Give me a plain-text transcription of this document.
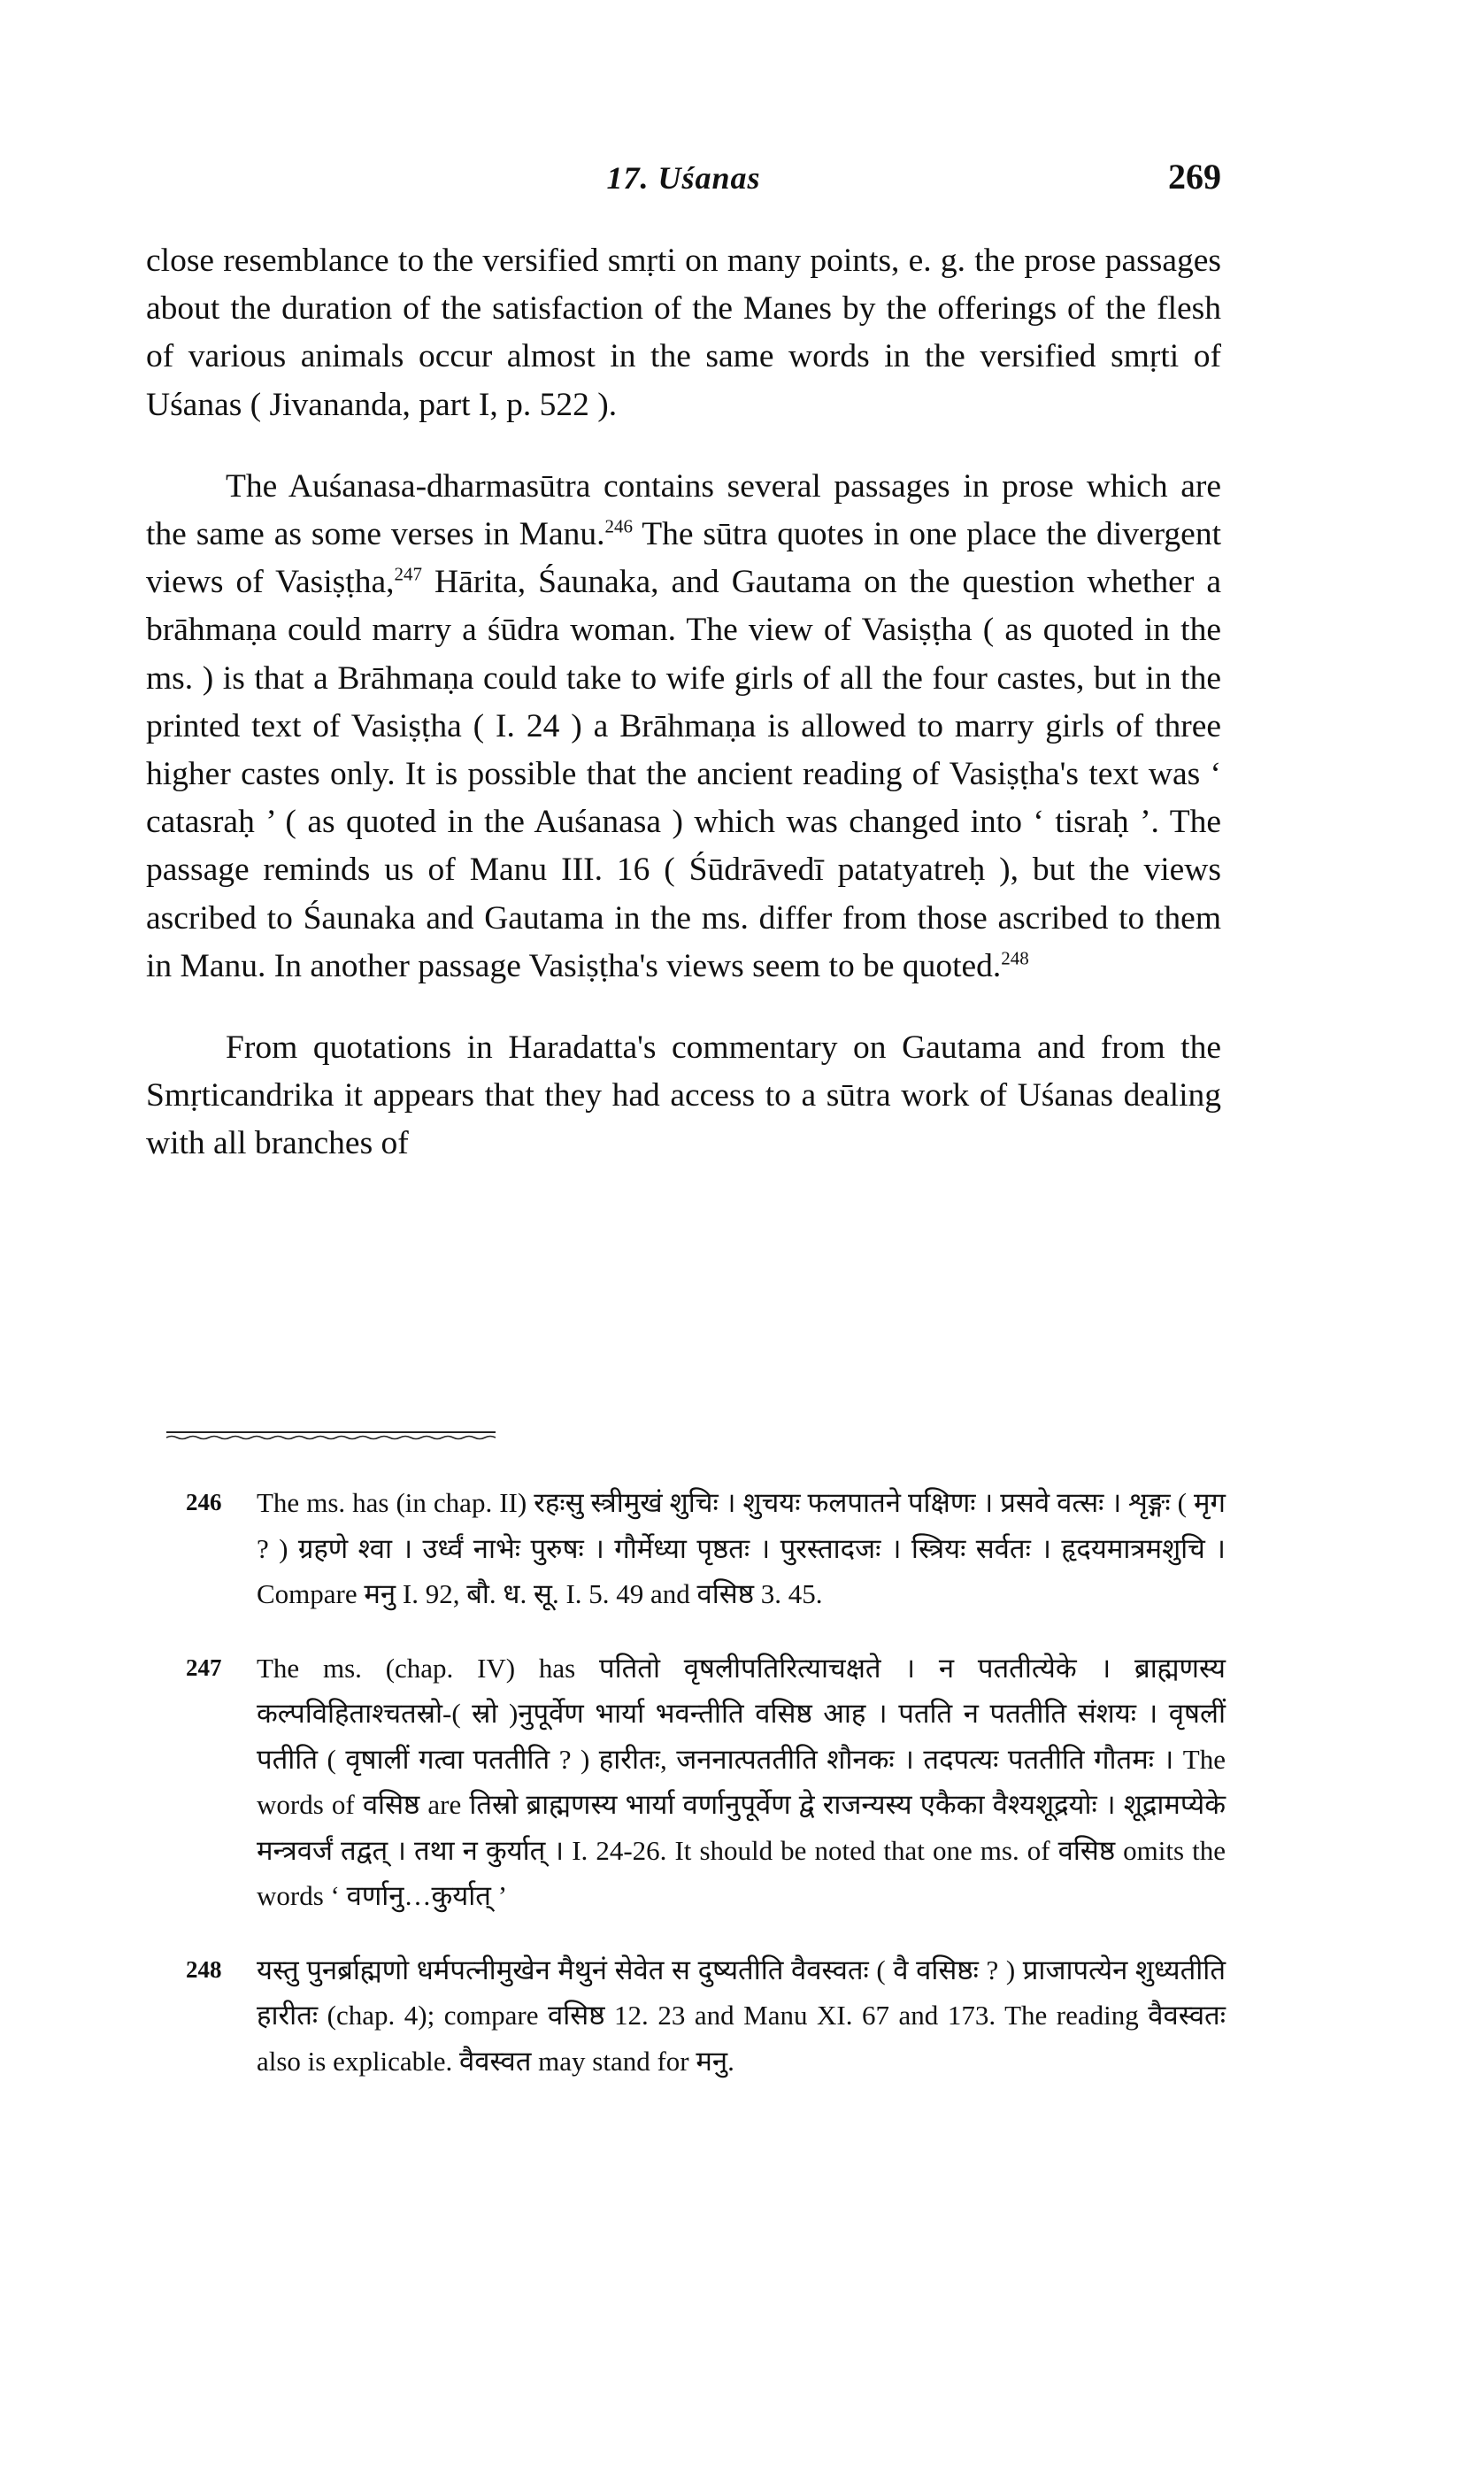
17. Uśanas	269

close resemblance to the versified smṛti on many points, e. g. the prose passages about the duration of the satisfaction of the Manes by the offerings of the flesh of various animals occur almost in the same words in the versified smṛti of Uśanas ( Jivananda, part I, p. 522 ).

The Auśanasa-dharmasūtra contains several passages in prose which are the same as some verses in Manu.$^{246}$ The sūtra quotes in one place the divergent views of Vasiṣṭha,$^{247}$ Hārita, Śaunaka, and Gautama on the question whether a brāhmaṇa could marry a śūdra woman. The view of Vasiṣṭha ( as quoted in the ms. ) is that a Brāhmaṇa could take to wife girls of all the four castes, but in the printed text of Vasiṣṭha ( I. 24 ) a Brāhmaṇa is allowed to marry girls of three higher castes only. It is possible that the ancient reading of Vasiṣṭha's text was ‘ catasraḥ ’ ( as quoted in the Auśanasa ) which was changed into ‘ tisraḥ ’. The passage reminds us of Manu III. 16 ( Śūdrāvedī patatyatreḥ ), but the views ascribed to Śaunaka and Gautama in the ms. differ from those ascribed to them in Manu. In another passage Vasiṣṭha's views seem to be quoted.$^{248}$

From quotations in Haradatta's commentary on Gautama and from the Smṛticandrika it appears that they had access to a sūtra work of Uśanas dealing with all branches of

246 The ms. has (in chap. II) रहःसु स्त्रीमुखं शुचिः । शुचयः फलपातने पक्षिणः । प्रसवे वत्सः । शृङ्गः ( मृग ? ) ग्रहणे श्वा । उर्ध्वं नाभेः पुरुषः । गौर्मेध्या पृष्ठतः । पुरस्तादजः । स्त्रियः सर्वतः । हृदयमात्रमशुचि । Compare मनु I. 92, बौ. ध. सू. I. 5. 49 and वसिष्ठ 3. 45.
247 The ms. (chap. IV) has पतितो वृषलीपतिरित्याचक्षते । न पततीत्येके । ब्राह्मणस्य कल्पविहिताश्चतस्रो-( स्रो )नुपूर्वेण भार्या भवन्तीति वसिष्ठ आह । पतति न पततीति संशयः । वृषलीं पतीति ( वृषालीं गत्वा पततीति ? ) हारीतः, जननात्पततीति शौनकः । तदपत्यः पततीति गौतमः । The words of वसिष्ठ are तिस्रो ब्राह्मणस्य भार्या वर्णानुपूर्वेण द्वे राजन्यस्य एकैका वैश्यशूद्रयोः । शूद्रामप्येके मन्त्रवर्जं तद्वत् । तथा न कुर्यात् । I. 24-26. It should be noted that one ms. of वसिष्ठ omits the words ‘ वर्णानु…कुर्यात् ’
248 यस्तु पुनर्ब्राह्मणो धर्मपत्नीमुखेन मैथुनं सेवेत स दुष्यतीति वैवस्वतः ( वै वसिष्ठः ? ) प्राजापत्येन शुध्यतीति हारीतः (chap. 4); compare वसिष्ठ 12. 23 and Manu XI. 67 and 173. The reading वैवस्वतः also is explicable. वैवस्वत may stand for मनु.
